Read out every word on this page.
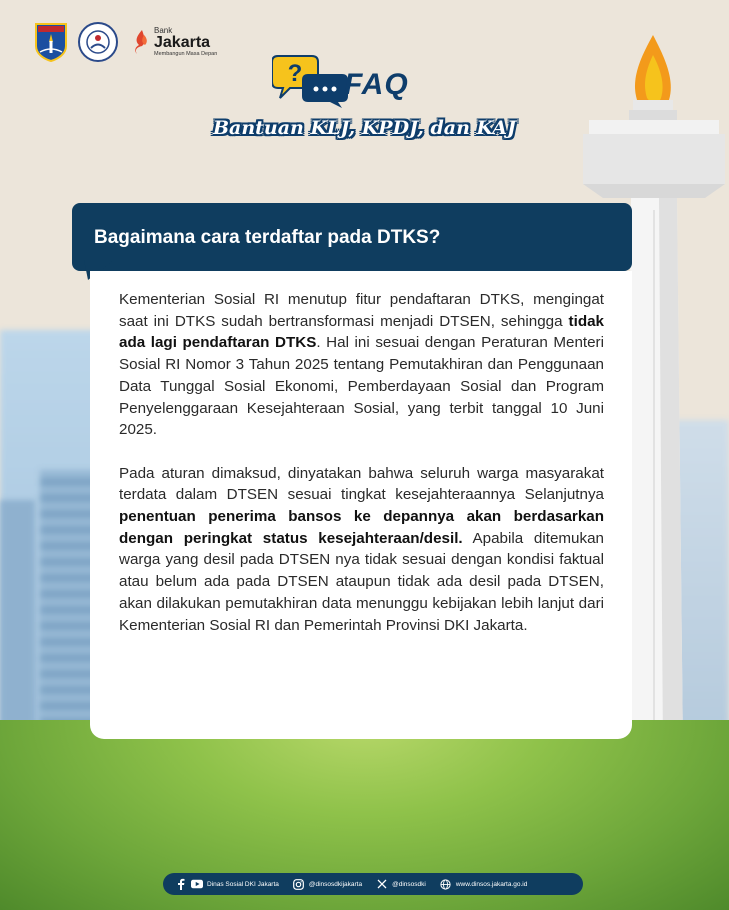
Bank
Jakarta
Membangun Masa Depan
? FAQ
Bantuan KLJ, KPDJ, dan KAJ
Bagaimana cara terdaftar pada DTKS?

Kementerian Sosial RI menutup fitur pendaftaran DTKS, mengingat saat ini DTKS sudah bertransformasi menjadi DTSEN, sehingga tidak ada lagi pendaftaran DTKS. Hal ini sesuai dengan Peraturan Menteri Sosial RI Nomor 3 Tahun 2025 tentang Pemutakhiran dan Penggunaan Data Tunggal Sosial Ekonomi, Pemberdayaan Sosial dan Program Penyelenggaraan Kesejahteraan Sosial, yang terbit tanggal 10 Juni 2025.

Pada aturan dimaksud, dinyatakan bahwa seluruh warga masyarakat terdata dalam DTSEN sesuai tingkat kesejahteraannya Selanjutnya penentuan penerima bansos ke depannya akan berdasarkan dengan peringkat status kesejahteraan/desil. Apabila ditemukan warga yang desil pada DTSEN nya tidak sesuai dengan kondisi faktual atau belum ada pada DTSEN ataupun tidak ada desil pada DTSEN, akan dilakukan pemutakhiran data menunggu kebijakan lebih lanjut dari Kementerian Sosial RI dan Pemerintah Provinsi DKI Jakarta.

Dinas Sosial DKI Jakarta	@dinsosdkijakarta	@dinsosdki	www.dinsos.jakarta.go.id
